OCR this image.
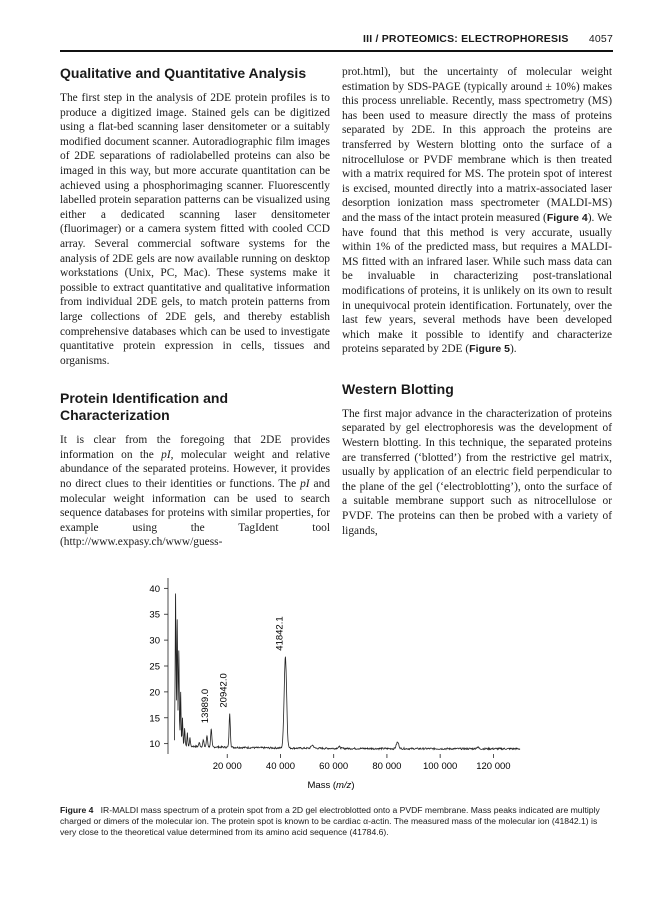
III / PROTEOMICS: ELECTROPHORESIS 4057
Qualitative and Quantitative Analysis

The first step in the analysis of 2DE protein profiles is to produce a digitized image. Stained gels can be digitized using a flat-bed scanning laser densitometer or a suitably modified document scanner. Autoradiographic film images of 2DE separations of radiolabelled proteins can also be imaged in this way, but more accurate quantitation can be achieved using a phosphorimaging scanner. Fluorescently labelled protein separation patterns can be visualized using either a dedicated scanning laser densitometer (fluorimager) or a camera system fitted with cooled CCD array. Several commercial software systems for the analysis of 2DE gels are now available running on desktop workstations (Unix, PC, Mac). These systems make it possible to extract quantitative and qualitative information from individual 2DE gels, to match protein patterns from large collections of 2DE gels, and thereby establish comprehensive databases which can be used to investigate quantitative protein expression in cells, tissues and organisms.

Protein Identification and Characterization

It is clear from the foregoing that 2DE provides information on the pI, molecular weight and relative abundance of the separated proteins. However, it provides no direct clues to their identities or functions. The pI and molecular weight information can be used to search sequence databases for proteins with similar properties, for example using the TagIdent tool (http://www.expasy.ch/www/guess-

prot.html), but the uncertainty of molecular weight estimation by SDS-PAGE (typically around ± 10%) makes this process unreliable. Recently, mass spectrometry (MS) has been used to measure directly the mass of proteins separated by 2DE. In this approach the proteins are transferred by Western blotting onto the surface of a nitrocellulose or PVDF membrane which is then treated with a matrix required for MS. The protein spot of interest is excised, mounted directly into a matrix-associated laser desorption ionization mass spectrometer (MALDI-MS) and the mass of the intact protein measured (Figure 4). We have found that this method is very accurate, usually within 1% of the predicted mass, but requires a MALDI-MS fitted with an infrared laser. While such mass data can be invaluable in characterizing post-translational modifications of proteins, it is unlikely on its own to result in unequivocal protein identification. Fortunately, over the last few years, several methods have been developed which make it possible to identify and characterize proteins separated by 2DE (Figure 5).

Western Blotting

The first major advance in the characterization of proteins separated by gel electrophoresis was the development of Western blotting. In this technique, the separated proteins are transferred (‘blotted’) from the restrictive gel matrix, usually by application of an electric field perpendicular to the plane of the gel (‘electroblotting’), onto the surface of a suitable membrane support such as nitrocellulose or PVDF. The proteins can then be probed with a variety of ligands,

10
15
20
25
30
35
40
20 000	40 000	60 000	80 000 100 000 120 000
13989.0 20942.0
41842.1
Mass (m/z)
Figure 4 IR-MALDI mass spectrum of a protein spot from a 2D gel electroblotted onto a PVDF membrane. Mass peaks indicated are multiply charged or dimers of the molecular ion. The protein spot is known to be cardiac α-actin. The measured mass of the molecular ion (41842.1) is very close to the theoretical value determined from its amino acid sequence (41784.6).
